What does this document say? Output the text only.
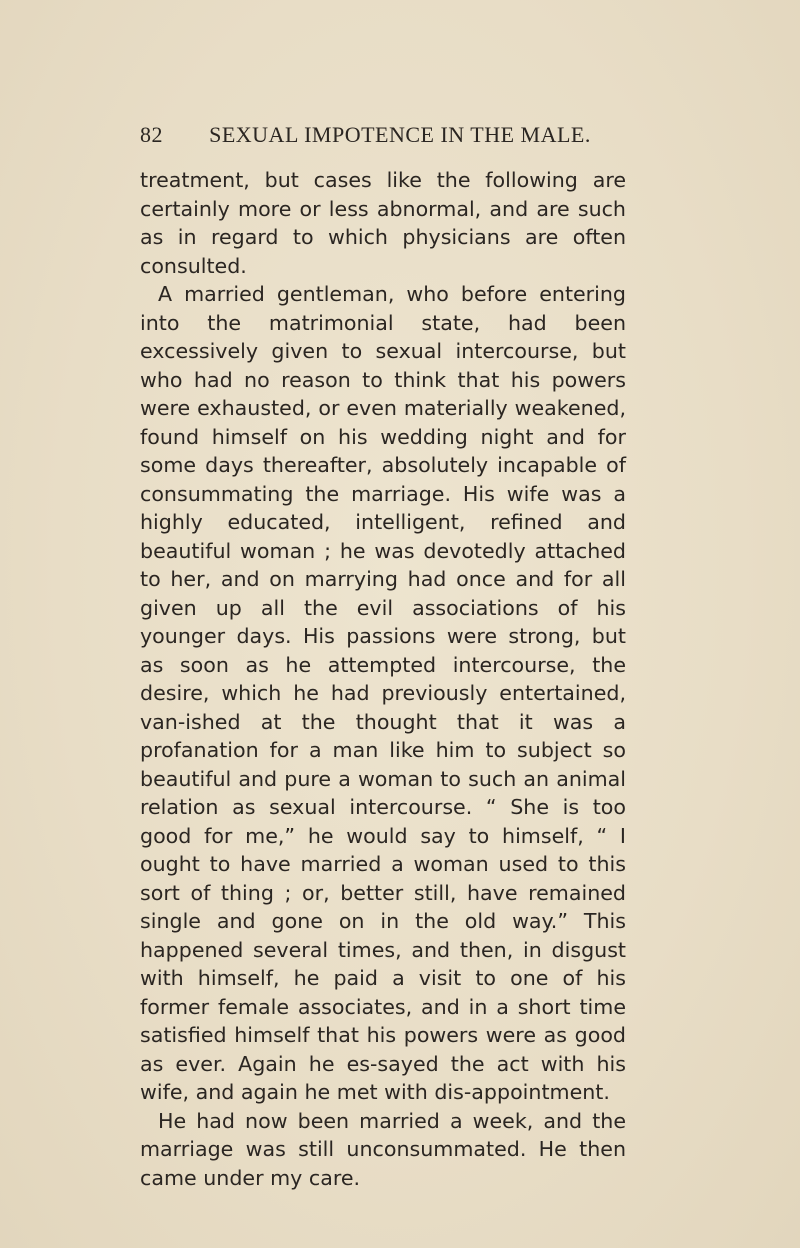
82	SEXUAL IMPOTENCE IN THE MALE.

treatment, but cases like the following are certainly more or less abnormal, and are such as in regard to which physicians are often consulted.

A married gentleman, who before entering into the matrimonial state, had been excessively given to sexual intercourse, but who had no reason to think that his powers were exhausted, or even materially weakened, found himself on his wedding night and for some days thereafter, absolutely incapable of consummating the marriage. His wife was a highly educated, intelligent, refined and beautiful woman ; he was devotedly attached to her, and on marrying had once and for all given up all the evil associations of his younger days. His passions were strong, but as soon as he attempted intercourse, the desire, which he had previously entertained, van-ished at the thought that it was a profanation for a man like him to subject so beautiful and pure a woman to such an animal relation as sexual intercourse. “ She is too good for me,” he would say to himself, “ I ought to have married a woman used to this sort of thing ; or, better still, have remained single and gone on in the old way.” This happened several times, and then, in disgust with himself, he paid a visit to one of his former female associates, and in a short time satisfied himself that his powers were as good as ever. Again he es-sayed the act with his wife, and again he met with dis-appointment.

He had now been married a week, and the marriage was still unconsummated. He then came under my care.
